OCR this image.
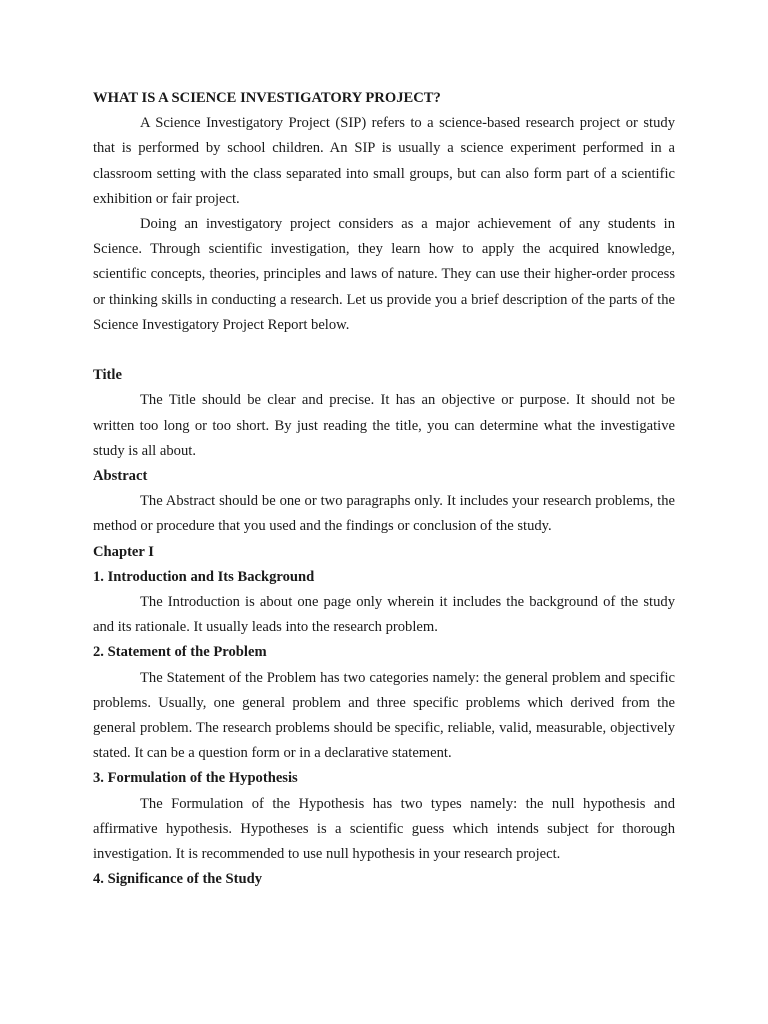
WHAT IS A SCIENCE INVESTIGATORY PROJECT?

A Science Investigatory Project (SIP) refers to a science-based research project or study that is performed by school children. An SIP is usually a science experiment performed in a classroom setting with the class separated into small groups, but can also form part of a scientific exhibition or fair project.

Doing an investigatory project considers as a major achievement of any students in Science. Through scientific investigation, they learn how to apply the acquired knowledge, scientific concepts, theories, principles and laws of nature. They can use their higher-order process or thinking skills in conducting a research. Let us provide you a brief description of the parts of the Science Investigatory Project Report below.

Title

The Title should be clear and precise. It has an objective or purpose. It should not be written too long or too short. By just reading the title, you can determine what the investigative study is all about.

Abstract

The Abstract should be one or two paragraphs only. It includes your research problems, the method or procedure that you used and the findings or conclusion of the study.

Chapter I

1. Introduction and Its Background

The Introduction is about one page only wherein it includes the background of the study and its rationale. It usually leads into the research problem.

2. Statement of the Problem

The Statement of the Problem has two categories namely: the general problem and specific problems. Usually, one general problem and three specific problems which derived from the general problem. The research problems should be specific, reliable, valid, measurable, objectively stated. It can be a question form or in a declarative statement.

3. Formulation of the Hypothesis

The Formulation of the Hypothesis has two types namely: the null hypothesis and affirmative hypothesis. Hypotheses is a scientific guess which intends subject for thorough investigation. It is recommended to use null hypothesis in your research project.

4. Significance of the Study
